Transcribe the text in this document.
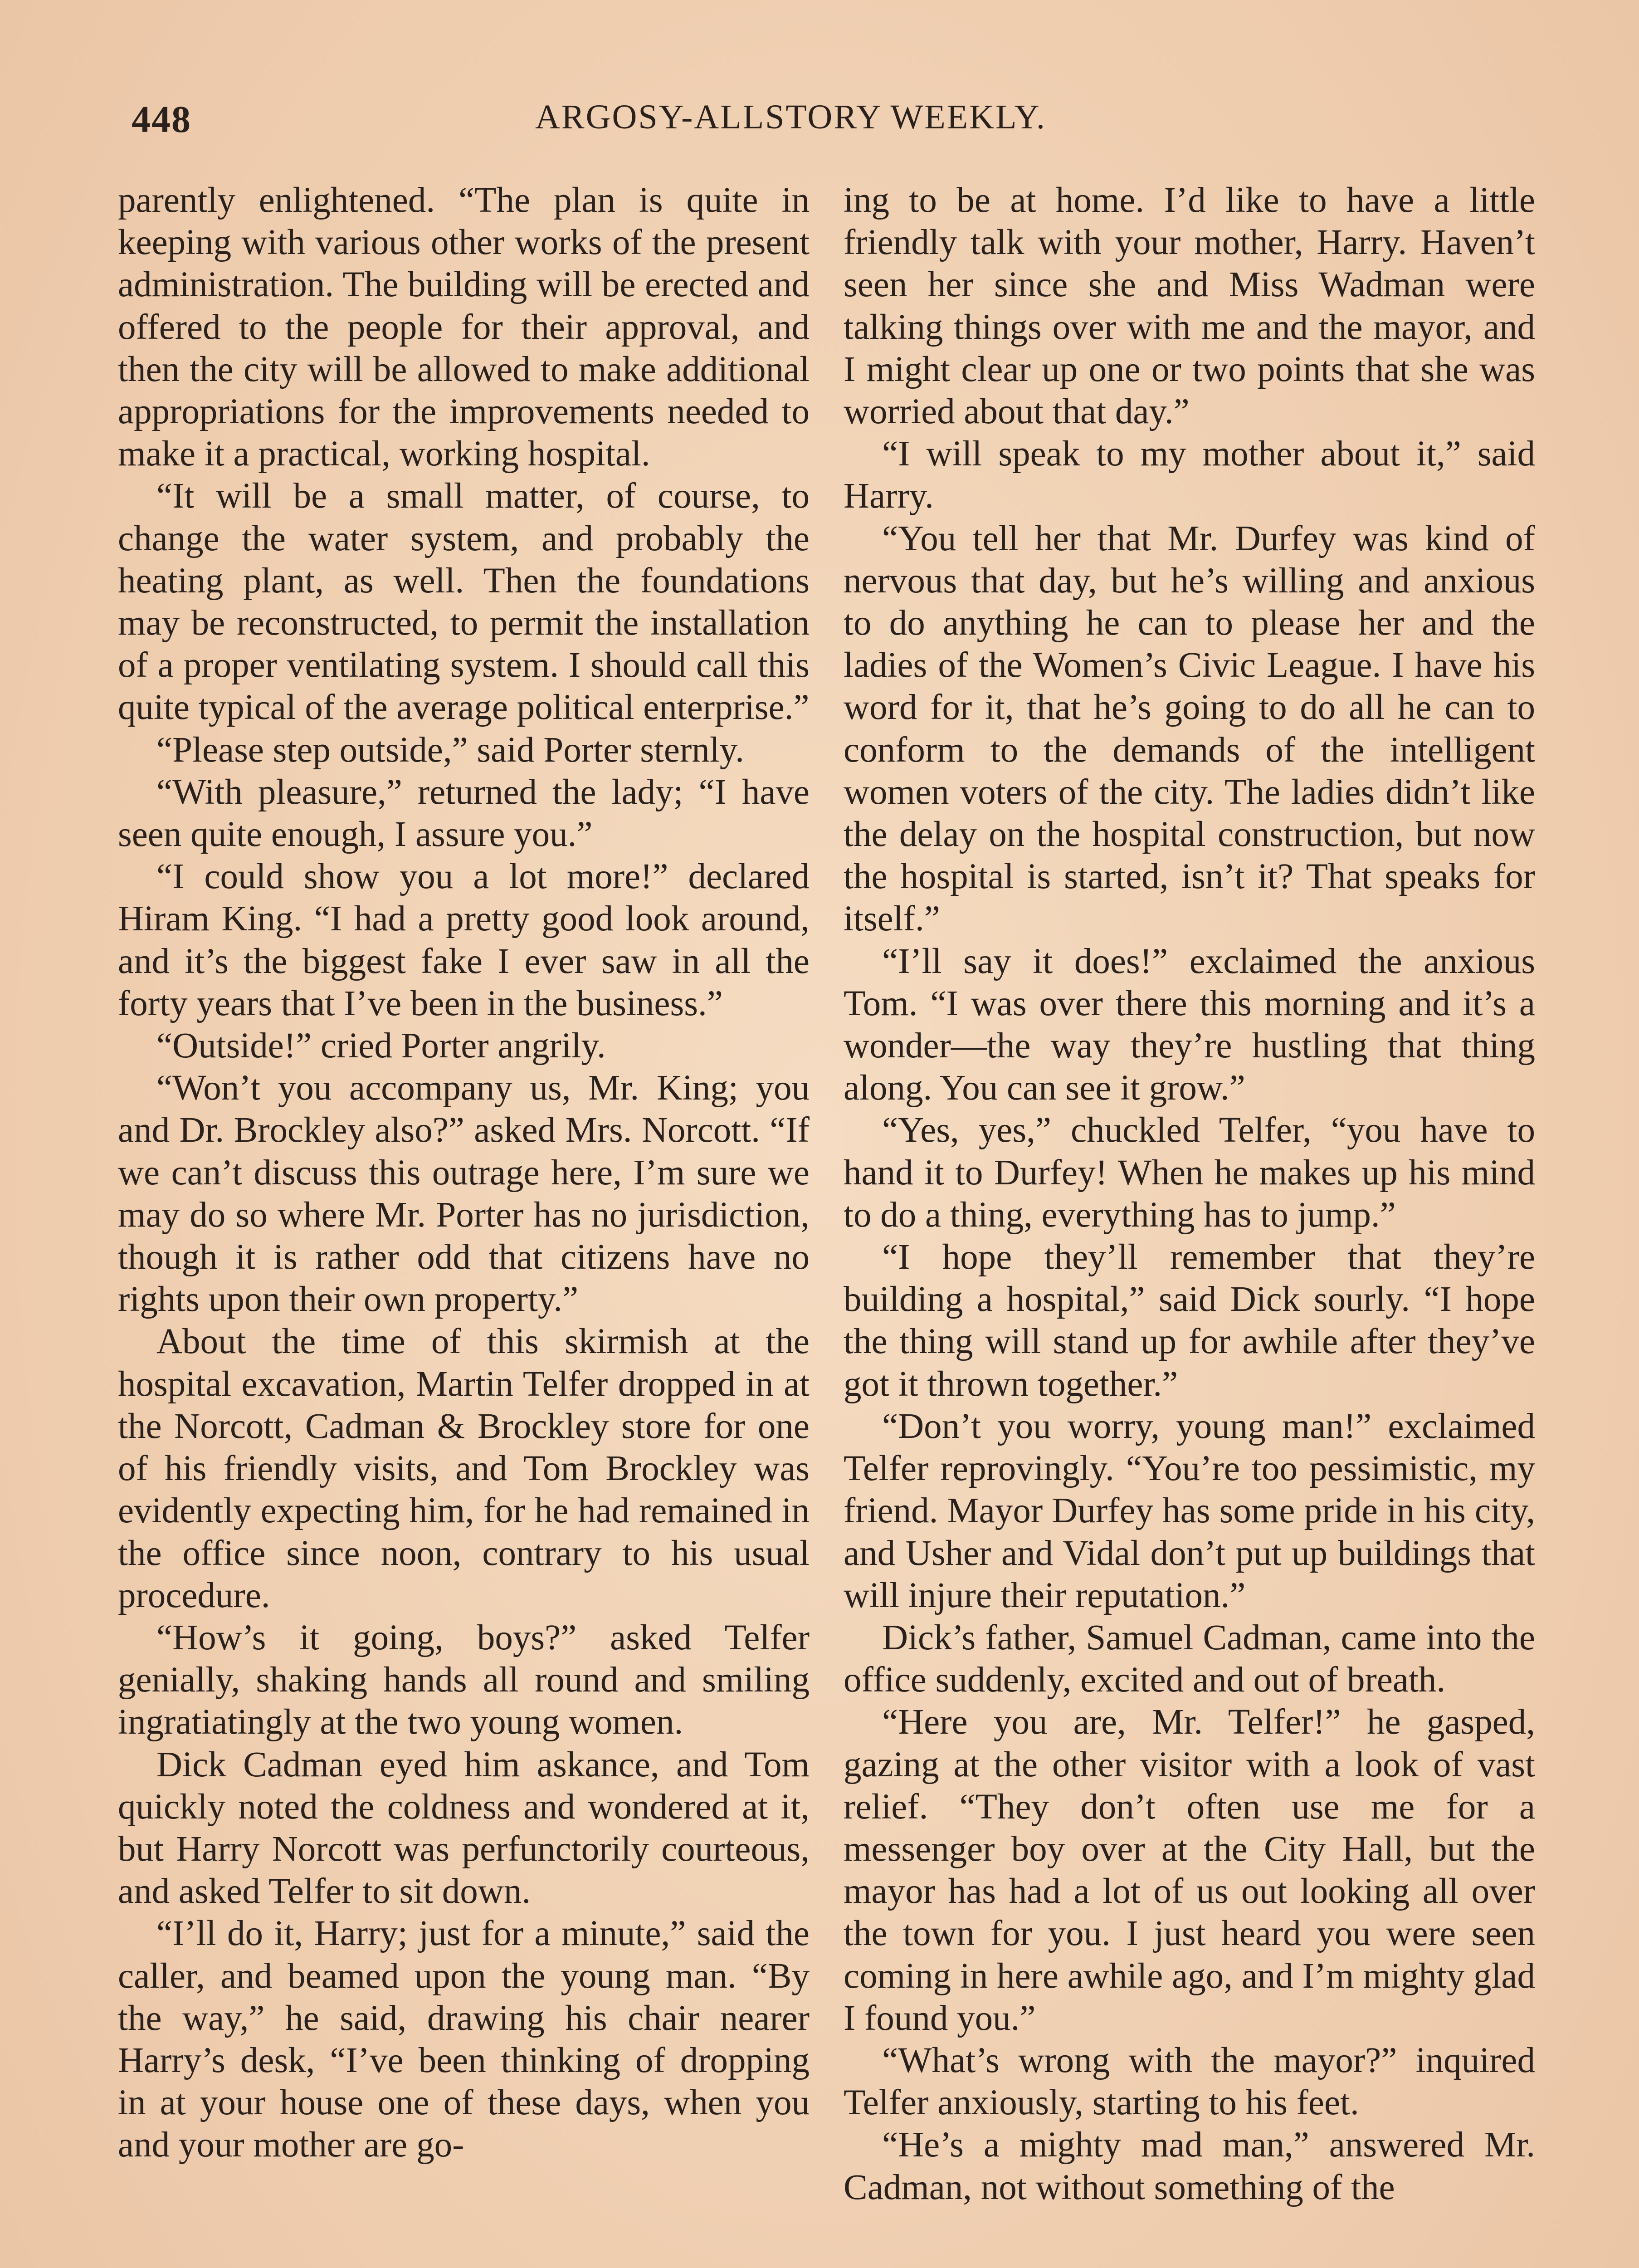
448	ARGOSY-ALLSTORY WEEKLY.

parently enlightened. “The plan is quite in keeping with various other works of the present administration. The building will be erected and offered to the people for their approval, and then the city will be allowed to make additional appropriations for the improvements needed to make it a practical, working hospital.

“It will be a small matter, of course, to change the water system, and probably the heating plant, as well. Then the foundations may be reconstructed, to permit the installation of a proper ventilating system. I should call this quite typical of the average political enterprise.”

“Please step outside,” said Porter sternly.

“With pleasure,” returned the lady; “I have seen quite enough, I assure you.”

“I could show you a lot more!” declared Hiram King. “I had a pretty good look around, and it’s the biggest fake I ever saw in all the forty years that I’ve been in the business.”

“Outside!” cried Porter angrily.

“Won’t you accompany us, Mr. King; you and Dr. Brockley also?” asked Mrs. Norcott. “If we can’t discuss this outrage here, I’m sure we may do so where Mr. Porter has no jurisdiction, though it is rather odd that citizens have no rights upon their own property.”

About the time of this skirmish at the hospital excavation, Martin Telfer dropped in at the Norcott, Cadman & Brockley store for one of his friendly visits, and Tom Brockley was evidently expecting him, for he had remained in the office since noon, contrary to his usual procedure.

“How’s it going, boys?” asked Telfer genially, shaking hands all round and smiling ingratiatingly at the two young women.

Dick Cadman eyed him askance, and Tom quickly noted the coldness and wondered at it, but Harry Norcott was perfunctorily courteous, and asked Telfer to sit down.

“I’ll do it, Harry; just for a minute,” said the caller, and beamed upon the young man. “By the way,” he said, drawing his chair nearer Harry’s desk, “I’ve been thinking of dropping in at your house one of these days, when you and your mother are go-

ing to be at home. I’d like to have a little friendly talk with your mother, Harry. Haven’t seen her since she and Miss Wadman were talking things over with me and the mayor, and I might clear up one or two points that she was worried about that day.”

“I will speak to my mother about it,” said Harry.

“You tell her that Mr. Durfey was kind of nervous that day, but he’s willing and anxious to do anything he can to please her and the ladies of the Women’s Civic League. I have his word for it, that he’s going to do all he can to conform to the demands of the intelligent women voters of the city. The ladies didn’t like the delay on the hospital construction, but now the hospital is started, isn’t it? That speaks for itself.”

“I’ll say it does!” exclaimed the anxious Tom. “I was over there this morning and it’s a wonder—the way they’re hustling that thing along. You can see it grow.”

“Yes, yes,” chuckled Telfer, “you have to hand it to Durfey! When he makes up his mind to do a thing, everything has to jump.”

“I hope they’ll remember that they’re building a hospital,” said Dick sourly. “I hope the thing will stand up for awhile after they’ve got it thrown together.”

“Don’t you worry, young man!” exclaimed Telfer reprovingly. “You’re too pessimistic, my friend. Mayor Durfey has some pride in his city, and Usher and Vidal don’t put up buildings that will injure their reputation.”

Dick’s father, Samuel Cadman, came into the office suddenly, excited and out of breath.

“Here you are, Mr. Telfer!” he gasped, gazing at the other visitor with a look of vast relief. “They don’t often use me for a messenger boy over at the City Hall, but the mayor has had a lot of us out looking all over the town for you. I just heard you were seen coming in here awhile ago, and I’m mighty glad I found you.”

“What’s wrong with the mayor?” inquired Telfer anxiously, starting to his feet.

“He’s a mighty mad man,” answered Mr. Cadman, not without something of the
